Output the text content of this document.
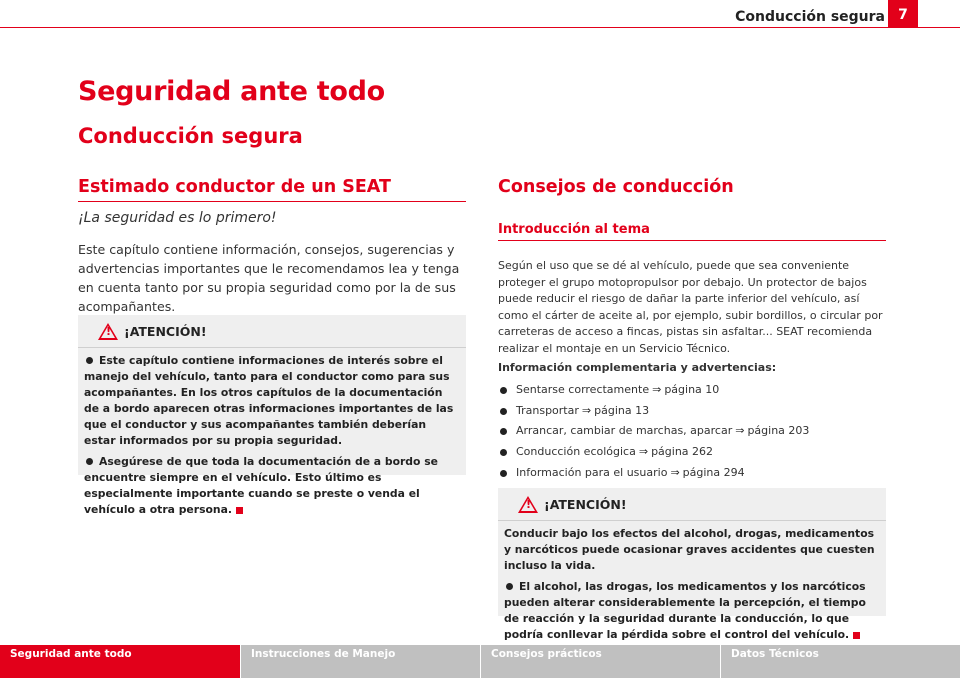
Conducción segura 7
Seguridad ante todo
Conducción segura
Estimado conductor de un SEAT
¡La seguridad es lo primero!
Este capítulo contiene información, consejos, sugerencias y advertencias importantes que le recomendamos lea y tenga en cuenta tanto por su propia seguridad como por la de sus acompañantes.
! ¡ATENCIÓN!

Este capítulo contiene informaciones de interés sobre el manejo del vehículo, tanto para el conductor como para sus acompañantes. En los otros capítulos de la documentación de a bordo aparecen otras informaciones importantes de las que el conductor y sus acompañantes también deberían estar informados por su propia seguridad.

Asegúrese de que toda la documentación de a bordo se encuentre siempre en el vehículo. Esto último es especialmente importante cuando se preste o venda el vehículo a otra persona.

Consejos de conducción
Introducción al tema
Según el uso que se dé al vehículo, puede que sea conveniente proteger el grupo motopropulsor por debajo. Un protector de bajos puede reducir el riesgo de dañar la parte inferior del vehículo, así como el cárter de aceite al, por ejemplo, subir bordillos, o circular por carreteras de acceso a fincas, pistas sin asfaltar... SEAT recomienda realizar el montaje en un Servicio Técnico.
Información complementaria y advertencias:
Sentarse correctamente ⇒ página 10
Transportar ⇒ página 13
Arrancar, cambiar de marchas, aparcar ⇒ página 203
Conducción ecológica ⇒ página 262
Información para el usuario ⇒ página 294
! ¡ATENCIÓN!

Conducir bajo los efectos del alcohol, drogas, medicamentos y narcóticos puede ocasionar graves accidentes que cuesten incluso la vida.

El alcohol, las drogas, los medicamentos y los narcóticos pueden alterar considerablemente la percepción, el tiempo de reacción y la seguridad durante la conducción, lo que podría conllevar la pérdida sobre el control del vehículo.

Seguridad ante todo	Instrucciones de Manejo	Consejos prácticos	Datos Técnicos
